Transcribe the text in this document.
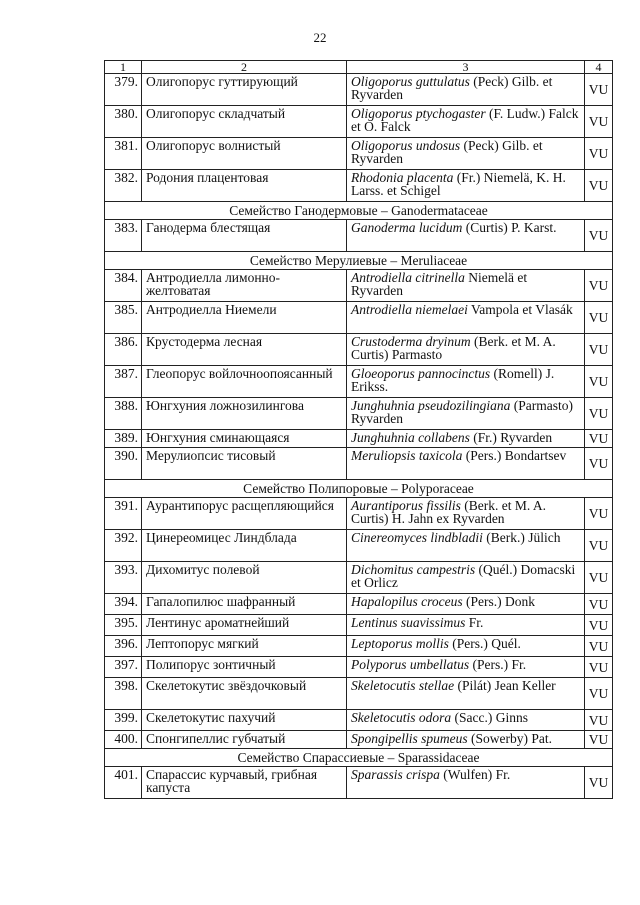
22
1	2	3	4
379.	Олигопорус гуттирующий	Oligoporus guttulatus (Peck) Gilb. et Ryvarden	VU
380.	Олигопорус складчатый	Oligoporus ptychogaster (F. Ludw.) Falck et O. Falck	VU
381.	Олигопорус волнистый	Oligoporus undosus (Peck) Gilb. et Ryvarden	VU
382.	Родония плацентовая	Rhodonia placenta (Fr.) Niemelä, K. H. Larss. et Schigel	VU
Семейство Ганодермовые – Ganodermataceae			
383.	Ганодерма блестящая	Ganoderma lucidum (Curtis) P. Karst.	VU
Семейство Мерулиевые – Meruliaceae			
384.	Антродиелла лимонно-желтоватая	Antrodiella citrinella Niemelä et Ryvarden	VU
385.	Антродиелла Ниемели	Antrodiella niemelaei Vampola et Vlasák	VU
386.	Крустодерма лесная	Crustoderma dryinum (Berk. et M. A. Curtis) Parmasto	VU
387.	Глеопорус войлочноопоясанный	Gloeoporus pannocinctus (Romell) J. Erikss.	VU
388.	Юнгхуния ложнозилингова	Junghuhnia pseudozilingiana (Parmasto) Ryvarden	VU
389.	Юнгхуния сминающаяся	Junghuhnia collabens (Fr.) Ryvarden	VU
390.	Мерулиопсис тисовый	Meruliopsis taxicola (Pers.) Bondartsev	VU
Семейство Полипоровые – Polyporaceae			
391.	Аурантипорус расщепляющийся	Aurantiporus fissilis (Berk. et M. A. Curtis) H. Jahn ex Ryvarden	VU
392.	Цинереомицес Линдблада	Cinereomyces lindbladii (Berk.) Jülich	VU
393.	Дихомитус полевой	Dichomitus campestris (Quél.) Domacski et Orlicz	VU
394.	Гапалопилюс шафранный	Hapalopilus croceus (Pers.) Donk	VU
395.	Лентинус ароматнейший	Lentinus suavissimus Fr.	VU
396.	Лептопорус мягкий	Leptoporus mollis (Pers.) Quél.	VU
397.	Полипорус зонтичный	Polyporus umbellatus (Pers.) Fr.	VU
398.	Скелетокутис звёздочковый	Skeletocutis stellae (Pilát) Jean Keller	VU
399.	Скелетокутис пахучий	Skeletocutis odora (Sacc.) Ginns	VU
400.	Спонгипеллис губчатый	Spongipellis spumeus (Sowerby) Pat.	VU
Семейство Спарассиевые – Sparassidaceae			
401.	Спарассис курчавый, грибная капуста	Sparassis crispa (Wulfen) Fr.	VU
